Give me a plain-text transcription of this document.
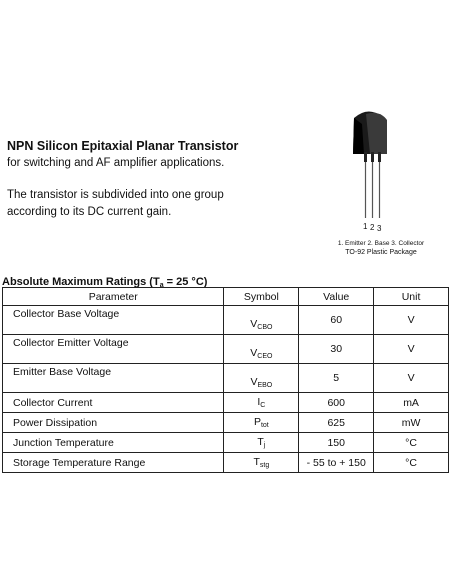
NPN Silicon Epitaxial Planar Transistor
for switching and AF amplifier applications.
The transistor is subdivided into one group
according to its DC current gain.
1 2 3
1. Emitter 2. Base 3. Collector
TO-92 Plastic Package
Absolute Maximum Ratings ($T_a = 25$ °C)
Parameter	Symbol	Value	Unit
Collector Base Voltage	$V_{CBO}$	60	V
Collector Emitter Voltage	$V_{CEO}$	30	V
Emitter Base Voltage	$V_{EBO}$	5	V
Collector Current	$I_C$	600	mA
Power Dissipation	$P_{tot}$	625	mW
Junction Temperature	$T_j$	150	°C
Storage Temperature Range	$T_{stg}$	- 55 to + 150	°C
